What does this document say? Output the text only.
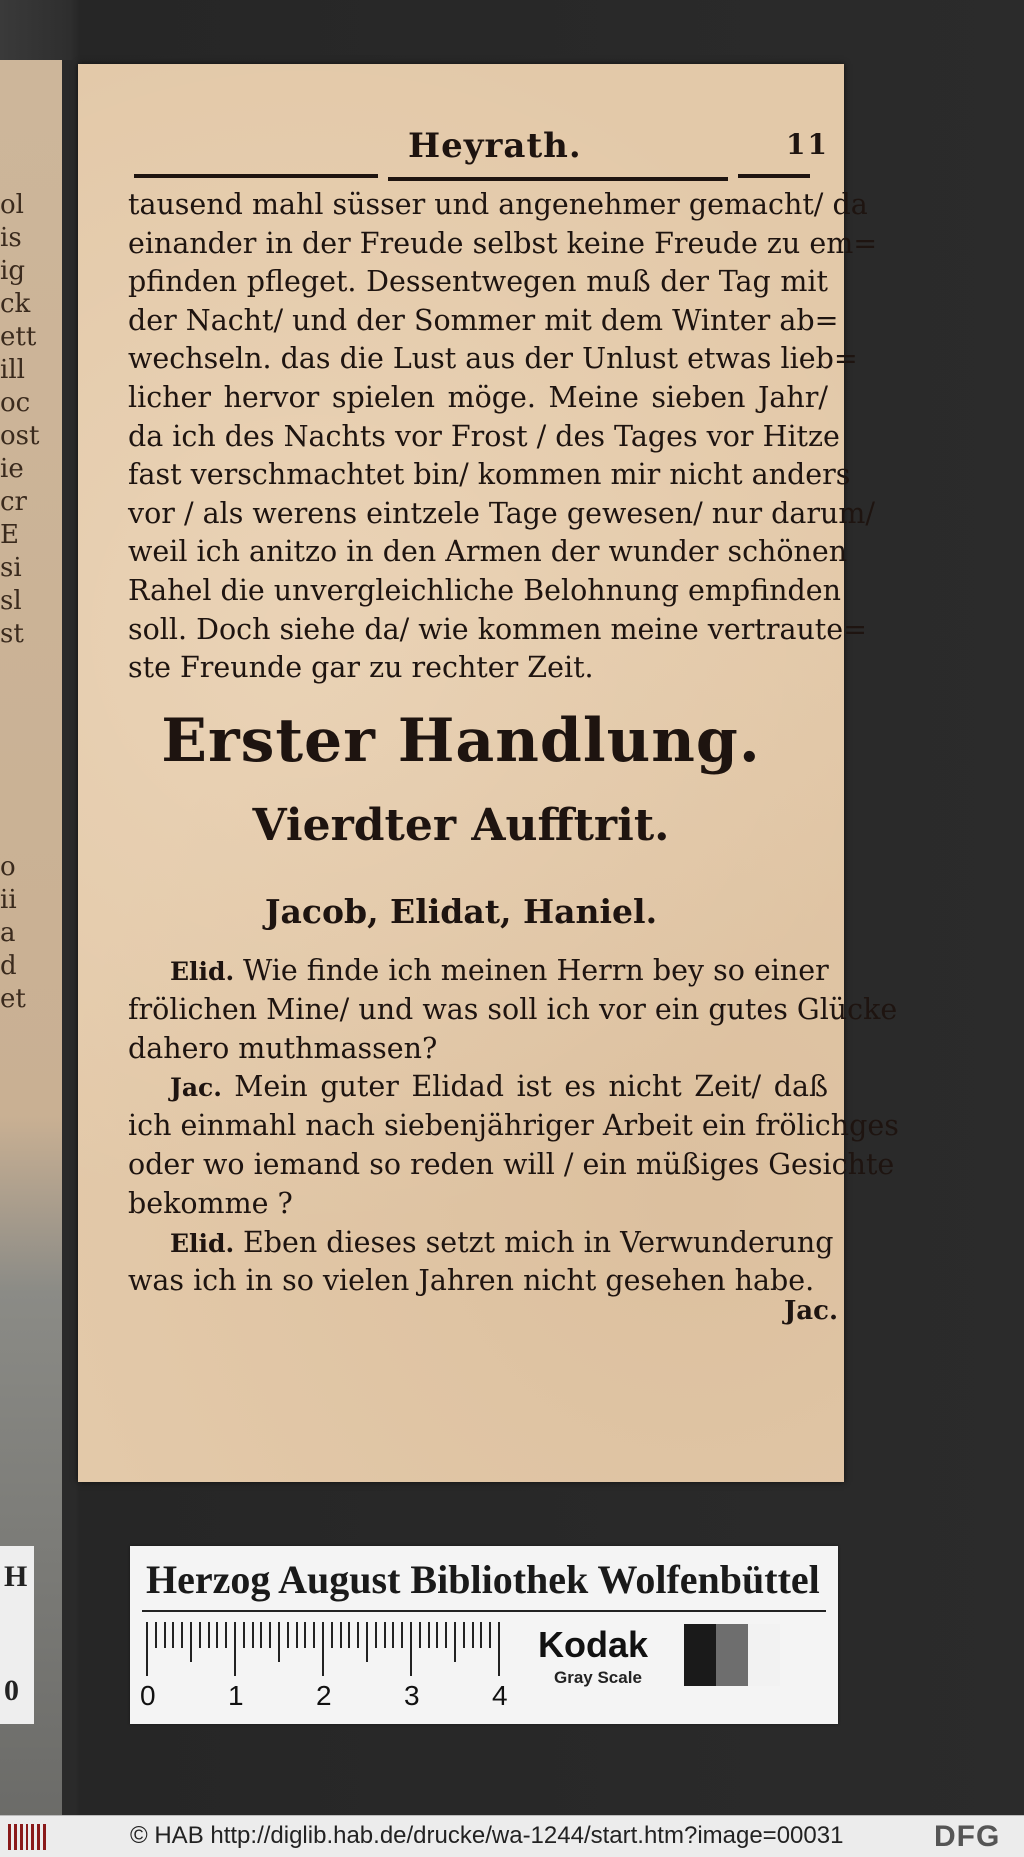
ol
is
ig
ck
ett
ill
oc
ost
ie
cr
E
si
sl
st
o
ii
a
d
et
Heyrath.	11
tausend mahl süsser und angenehmer gemacht/ da
einander in der Freude selbst keine Freude zu em=
pfinden pfleget. Dessentwegen muß der Tag mit
der Nacht/ und der Sommer mit dem Winter ab=
wechseln. das die Lust aus der Unlust etwas lieb=
licher hervor spielen möge. Meine sieben Jahr/
da ich des Nachts vor Frost / des Tages vor Hitze
fast verschmachtet bin/ kommen mir nicht anders
vor / als werens eintzele Tage gewesen/ nur darum/
weil ich anitzo in den Armen der wunder schönen
Rahel die unvergleichliche Belohnung empfinden
soll. Doch siehe da/ wie kommen meine vertraute=
ste Freunde gar zu rechter Zeit.
Erster Handlung.
Vierdter Aufftrit.
Jacob, Elidat, Haniel.
Elid. Wie finde ich meinen Herrn bey so einer
frölichen Mine/ und was soll ich vor ein gutes Glücke
dahero muthmassen?
Jac. Mein guter Elidad ist es nicht Zeit/ daß
ich einmahl nach siebenjähriger Arbeit ein frölichges
oder wo iemand so reden will / ein müßiges Gesichte
bekomme ?
Elid. Eben dieses setzt mich in Verwunderung
was ich in so vielen Jahren nicht gesehen habe.
Jac.
H
0
Herzog August Bibliothek Wolfenbüttel
0	1	2	3	4
Kodak
Gray Scale
© HAB http://diglib.hab.de/drucke/wa-1244/start.htm?image=00031	DFG
